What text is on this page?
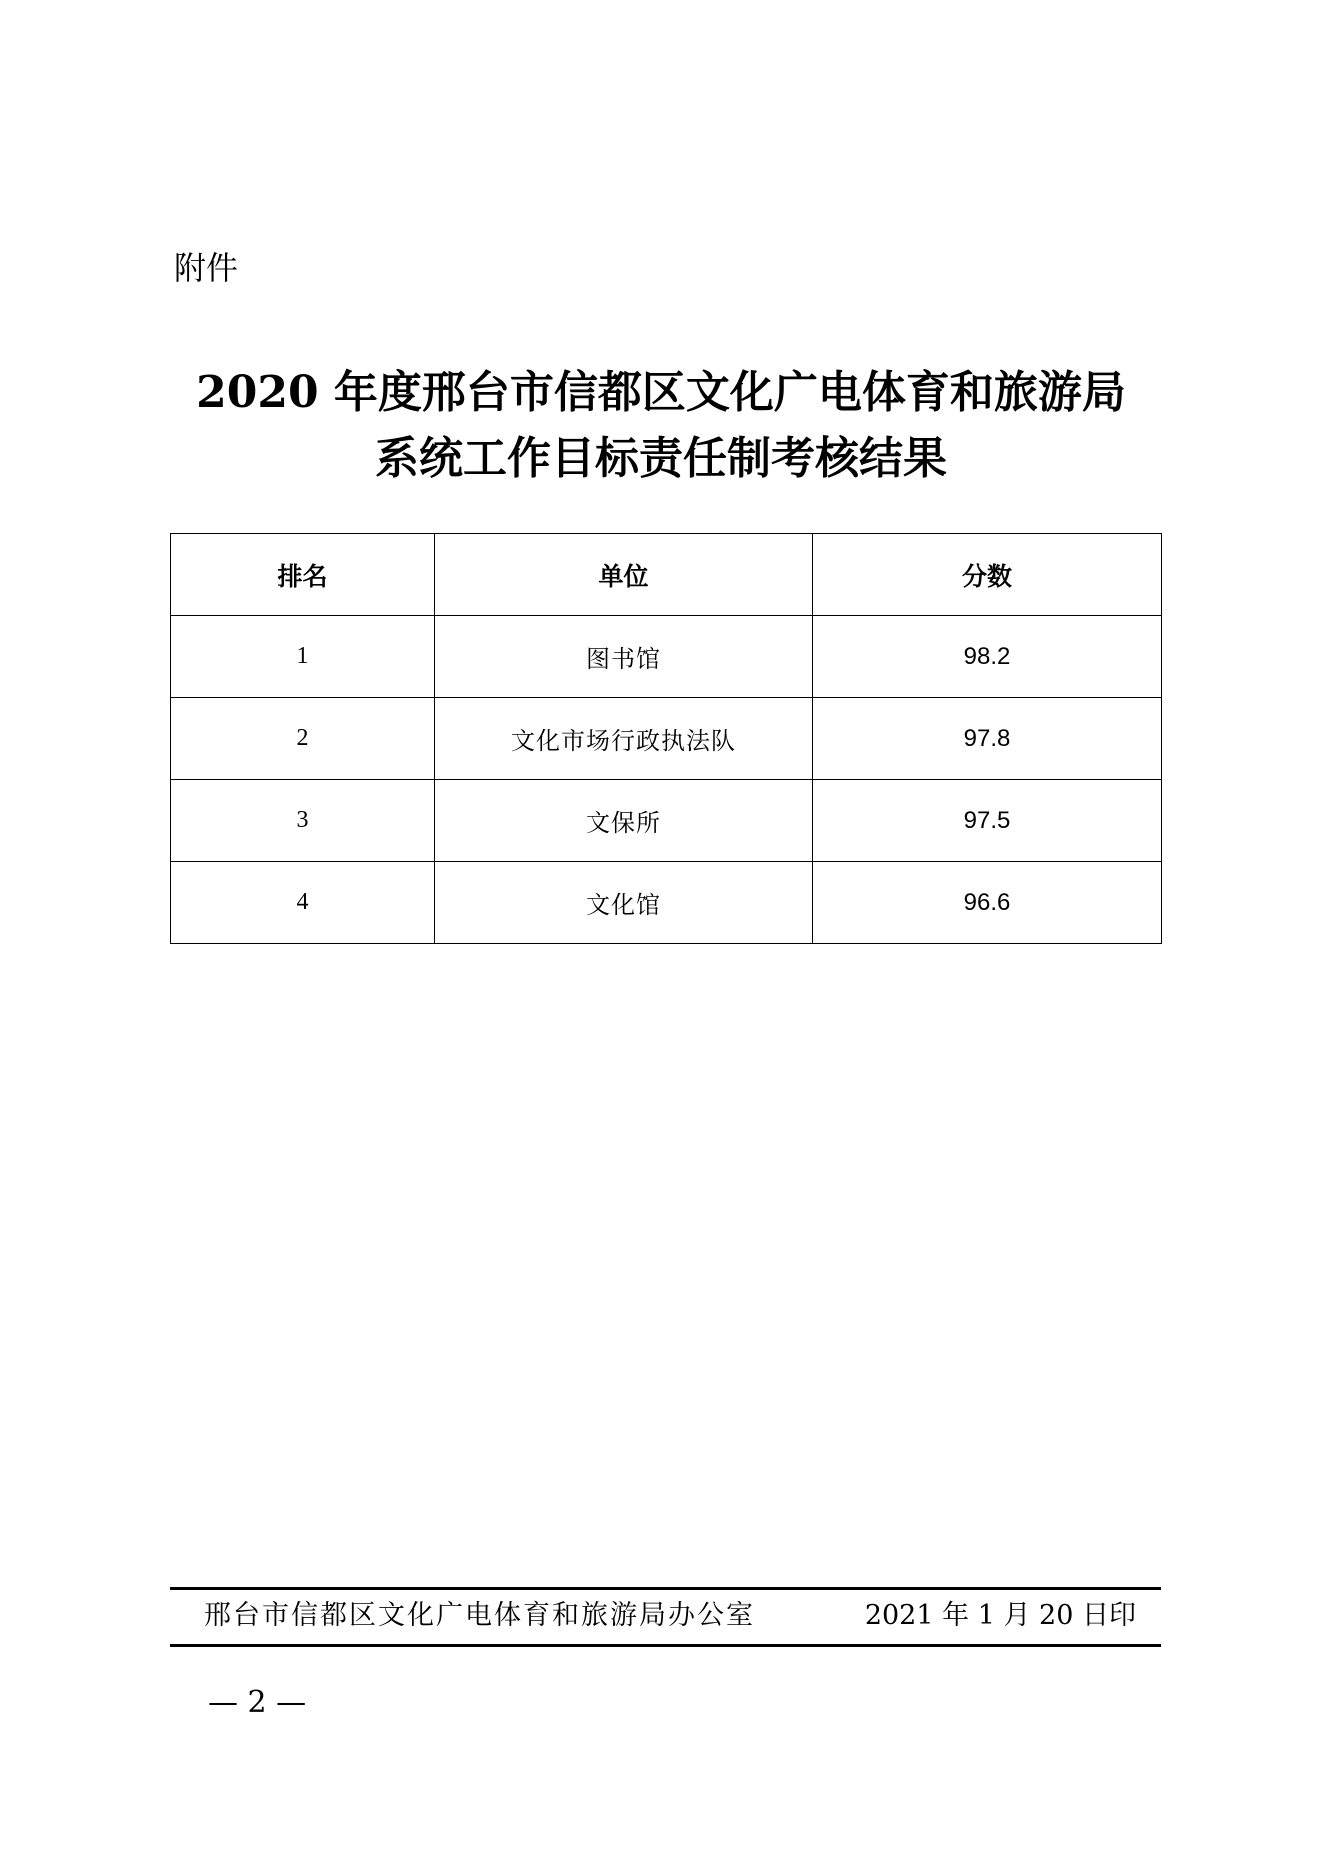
附件
2020 年度邢台市信都区文化广电体育和旅游局
系统工作目标责任制考核结果
排名	单位	分数
1	图书馆	98.2
2	文化市场行政执法队	97.8
3	文保所	97.5
4	文化馆	96.6
邢台市信都区文化广电体育和旅游局办公室	2021 年 1 月 20 日印
— 2 —
